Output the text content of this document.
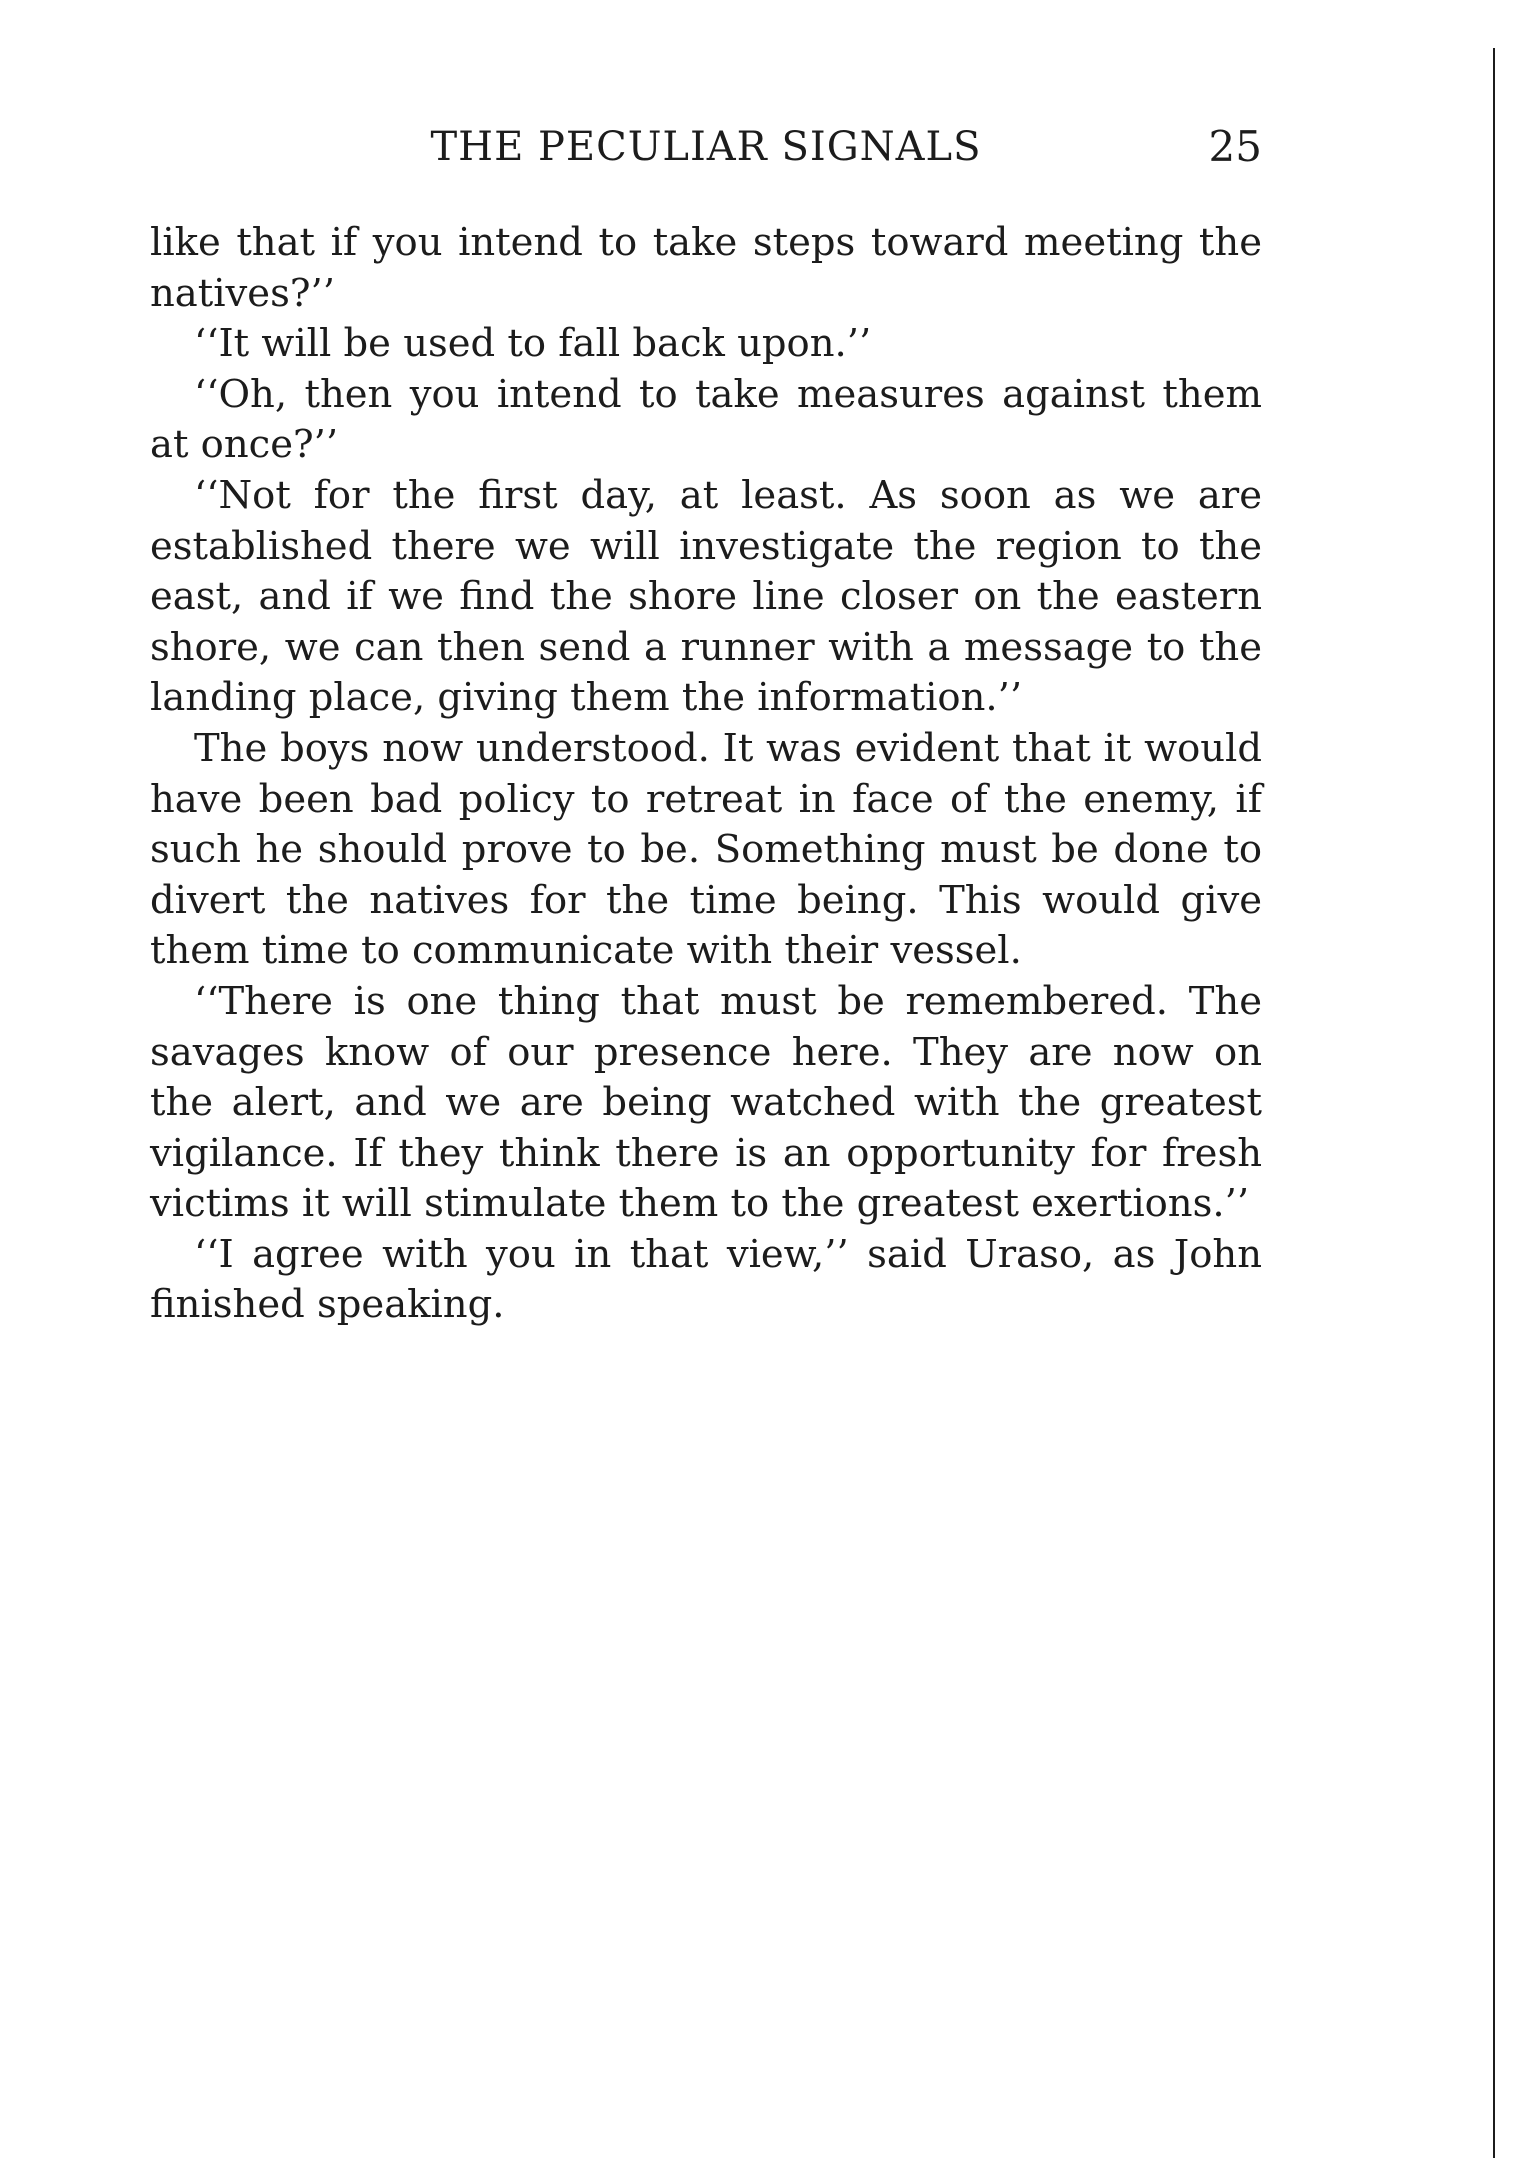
THE PECULIAR SIGNALS	25

like that if you intend to take steps toward meeting the natives?’’

‘‘It will be used to fall back upon.’’

‘‘Oh, then you intend to take measures against them at once?’’

‘‘Not for the first day, at least. As soon as we are established there we will investigate the region to the east, and if we find the shore line closer on the eastern shore, we can then send a runner with a message to the landing place, giving them the information.’’

The boys now understood. It was evident that it would have been bad policy to retreat in face of the enemy, if such he should prove to be. Something must be done to divert the natives for the time being. This would give them time to communicate with their vessel.

‘‘There is one thing that must be remembered. The savages know of our presence here. They are now on the alert, and we are being watched with the greatest vigilance. If they think there is an opportunity for fresh victims it will stimulate them to the greatest exertions.’’

‘‘I agree with you in that view,’’ said Uraso, as John finished speaking.
